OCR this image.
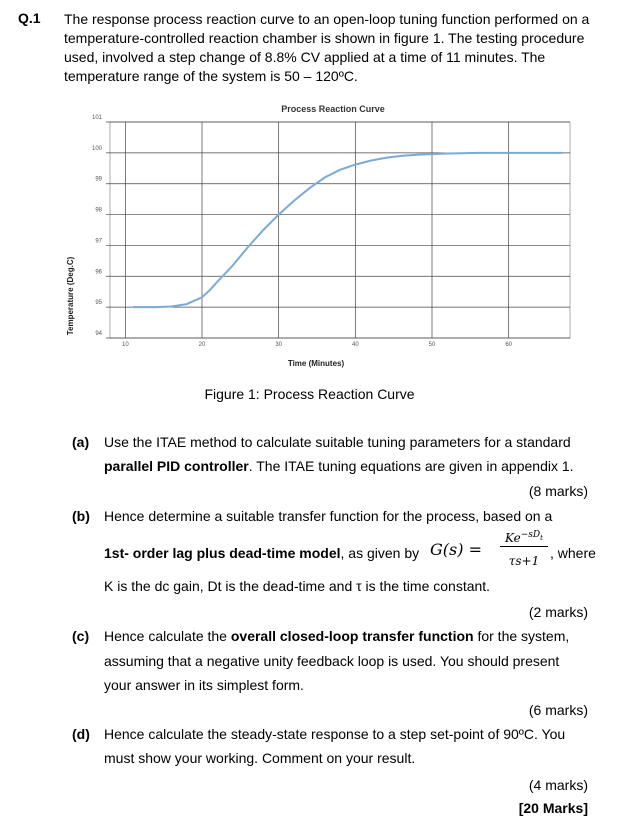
Q.1 The response process reaction curve to an open-loop tuning function performed on a temperature-controlled reaction chamber is shown in figure 1. The testing procedure used, involved a step change of 8.8% CV applied at a time of 11 minutes. The temperature range of the system is 50 – 120ºC.
Process Reaction Curve
94
95
96
97
98
99
100
101
10	20	30	40	50	60
Time (Minutes)
Temperature (Deg.C)
Figure 1: Process Reaction Curve
(a) Use the ITAE method to calculate suitable tuning parameters for a standard
parallel PID controller. The ITAE tuning equations are given in appendix 1.
(8 marks)
(b) Hence determine a suitable transfer function for the process, based on a
1st- order lag plus dead-time model, as given by G(s) =
$Ke^{-sD_t}$
τs+1 , where
K is the dc gain, Dt is the dead-time and τ is the time constant.
(2 marks)
(c) Hence calculate the overall closed-loop transfer function for the system,
assuming that a negative unity feedback loop is used. You should present
your answer in its simplest form.
(6 marks)
(d) Hence calculate the steady-state response to a step set-point of 90ºC. You
must show your working. Comment on your result.
(4 marks)
[20 Marks]
